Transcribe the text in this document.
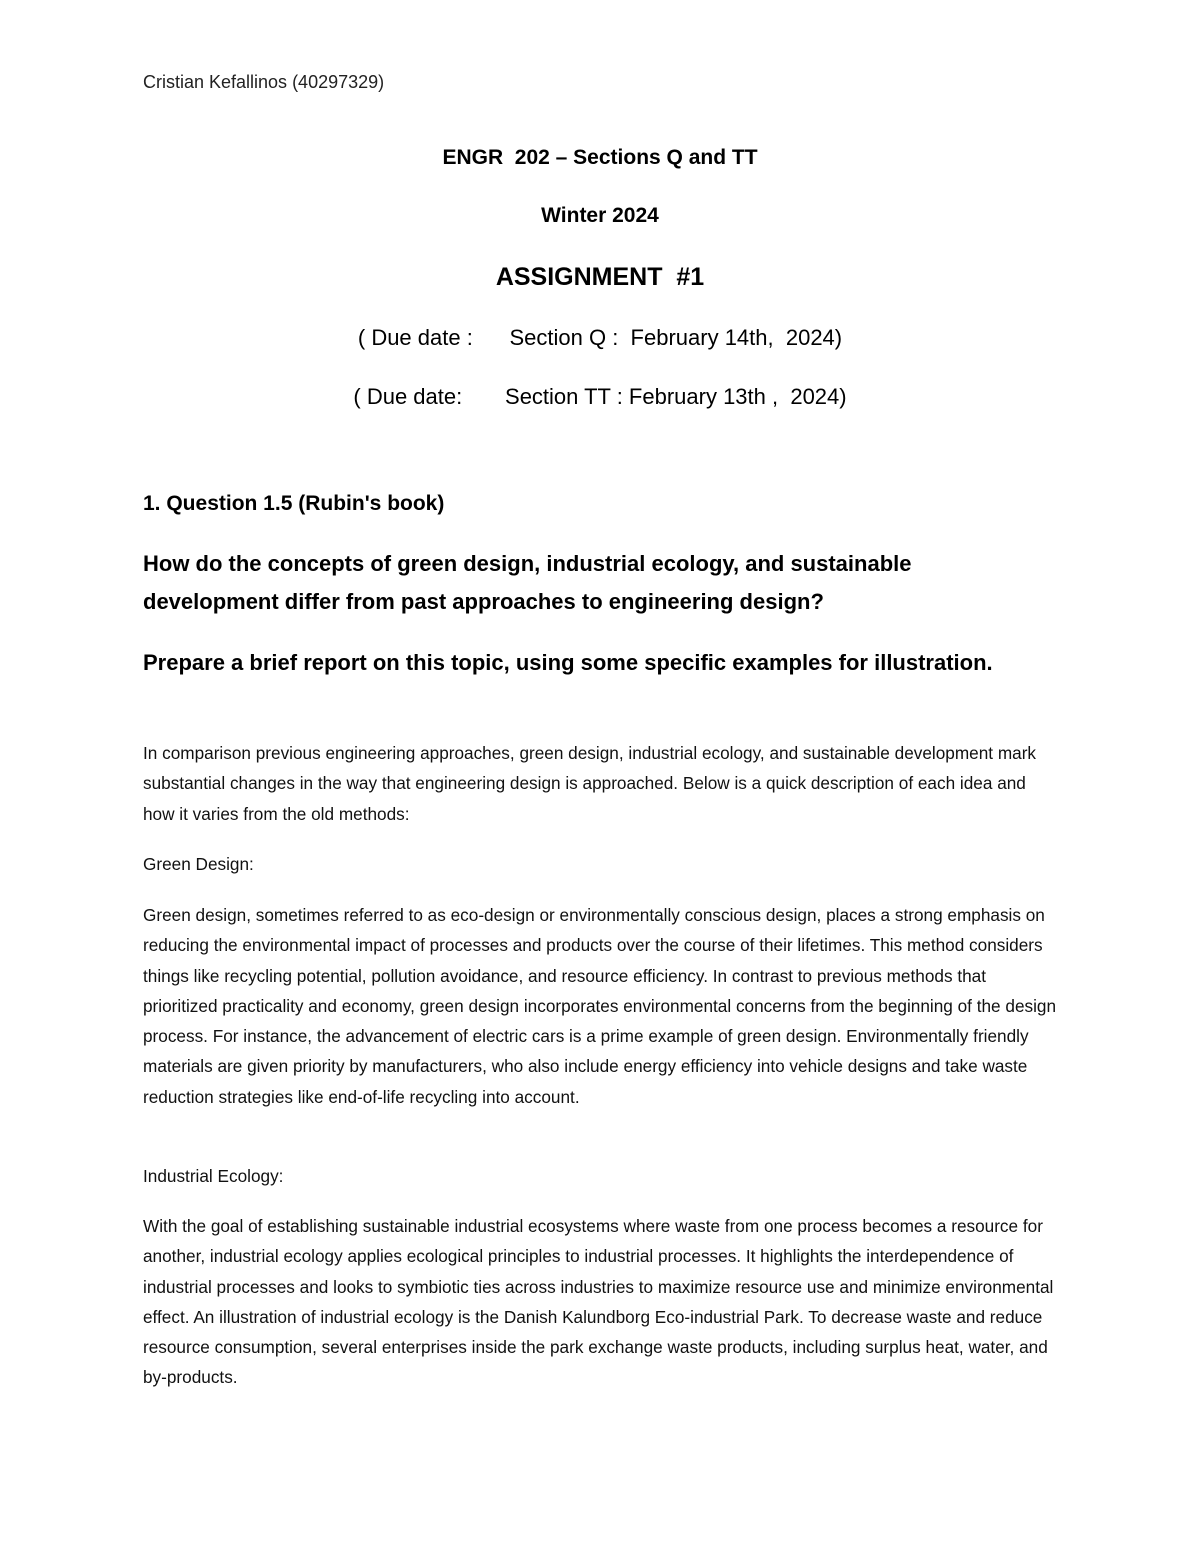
Cristian Kefallinos (40297329)
ENGR  202 – Sections Q and TT
Winter 2024
ASSIGNMENT  #1
( Due date :      Section Q :  February 14th,  2024)
( Due date:       Section TT : February 13th ,  2024)
1. Question 1.5 (Rubin's book)
How do the concepts of green design, industrial ecology, and sustainable development differ from past approaches to engineering design?
Prepare a brief report on this topic, using some specific examples for illustration.
In comparison previous engineering approaches, green design, industrial ecology, and sustainable development mark substantial changes in the way that engineering design is approached. Below is a quick description of each idea and how it varies from the old methods:
Green Design:
Green design, sometimes referred to as eco-design or environmentally conscious design, places a strong emphasis on reducing the environmental impact of processes and products over the course of their lifetimes. This method considers things like recycling potential, pollution avoidance, and resource efficiency. In contrast to previous methods that prioritized practicality and economy, green design incorporates environmental concerns from the beginning of the design process. For instance, the advancement of electric cars is a prime example of green design. Environmentally friendly materials are given priority by manufacturers, who also include energy efficiency into vehicle designs and take waste reduction strategies like end-of-life recycling into account.
Industrial Ecology:
With the goal of establishing sustainable industrial ecosystems where waste from one process becomes a resource for another, industrial ecology applies ecological principles to industrial processes. It highlights the interdependence of industrial processes and looks to symbiotic ties across industries to maximize resource use and minimize environmental effect. An illustration of industrial ecology is the Danish Kalundborg Eco-industrial Park. To decrease waste and reduce resource consumption, several enterprises inside the park exchange waste products, including surplus heat, water, and by-products.
